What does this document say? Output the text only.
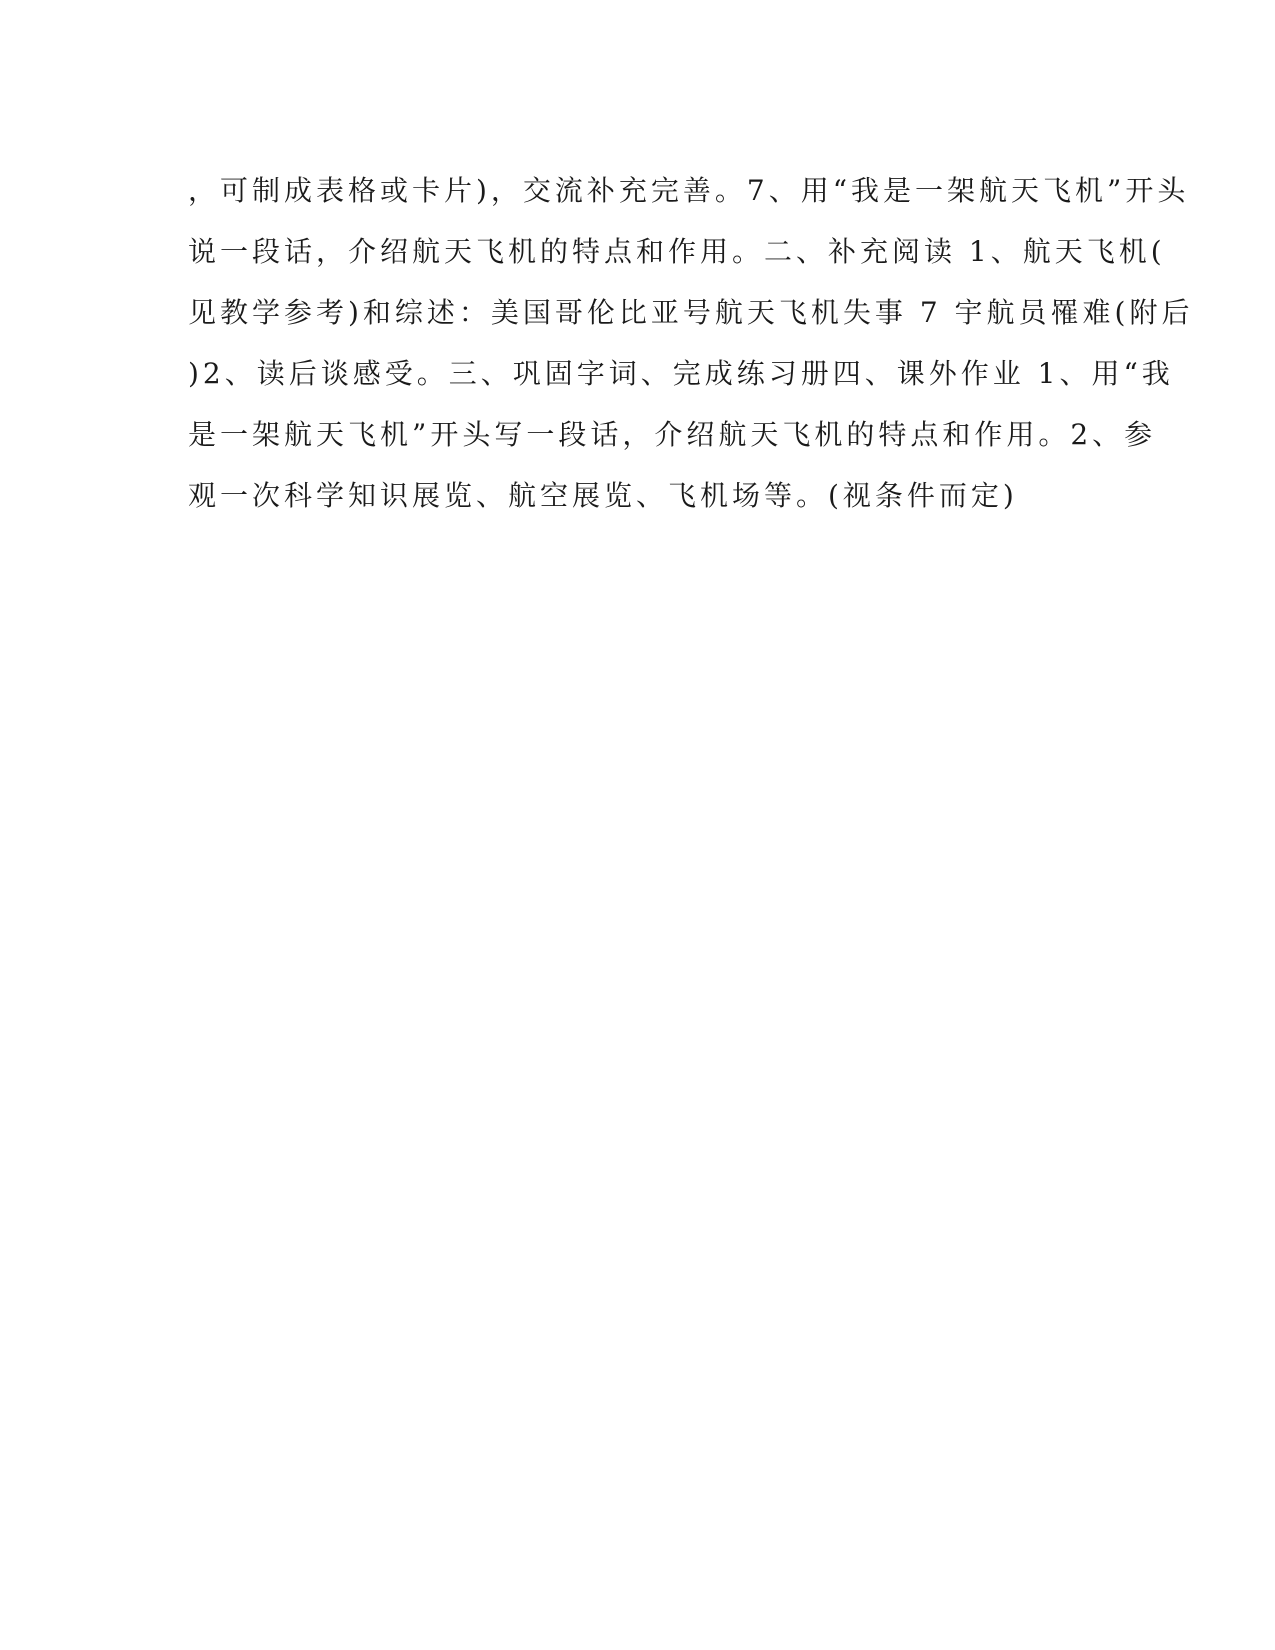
，可制成表格或卡片)，交流补充完善。7、用“我是一架航天飞机”开头
说一段话，介绍航天飞机的特点和作用。二、补充阅读 1、航天飞机(
见教学参考)和综述：美国哥伦比亚号航天飞机失事 7 宇航员罹难(附后
)2、读后谈感受。三、巩固字词、完成练习册四、课外作业 1、用“我
是一架航天飞机”开头写一段话，介绍航天飞机的特点和作用。2、参
观一次科学知识展览、航空展览、飞机场等。(视条件而定)
